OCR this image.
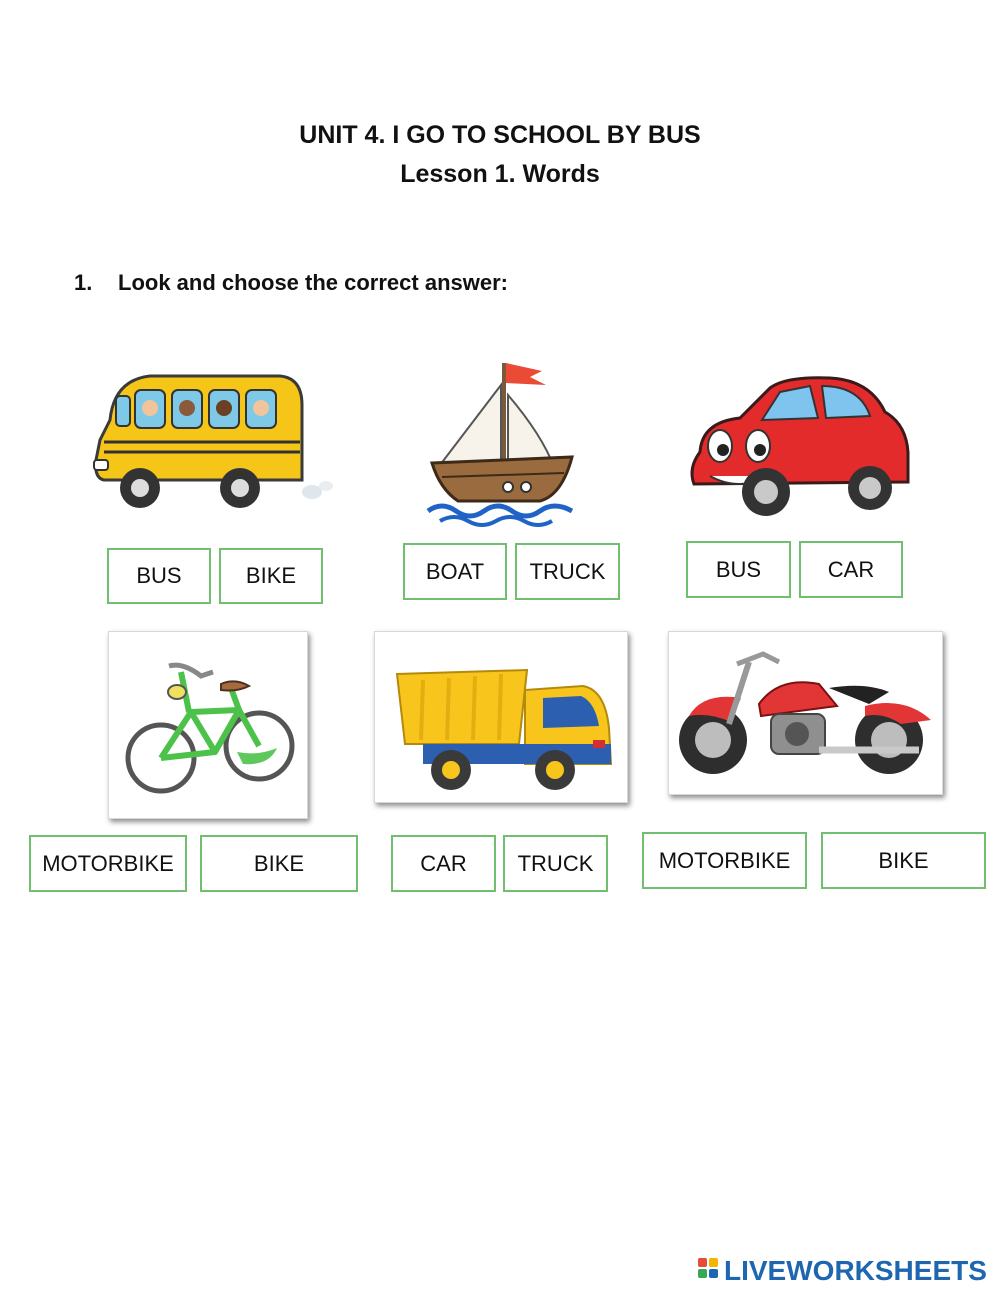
UNIT 4. I GO TO SCHOOL BY BUS
Lesson 1. Words
1. Look and choose the correct answer:
BUS	BIKE	BOAT TRUCK	BUS	CAR
MOTORBIKE	BIKE	CAR TRUCK	MOTORBIKE	BIKE
LIVEWORKSHEETS
